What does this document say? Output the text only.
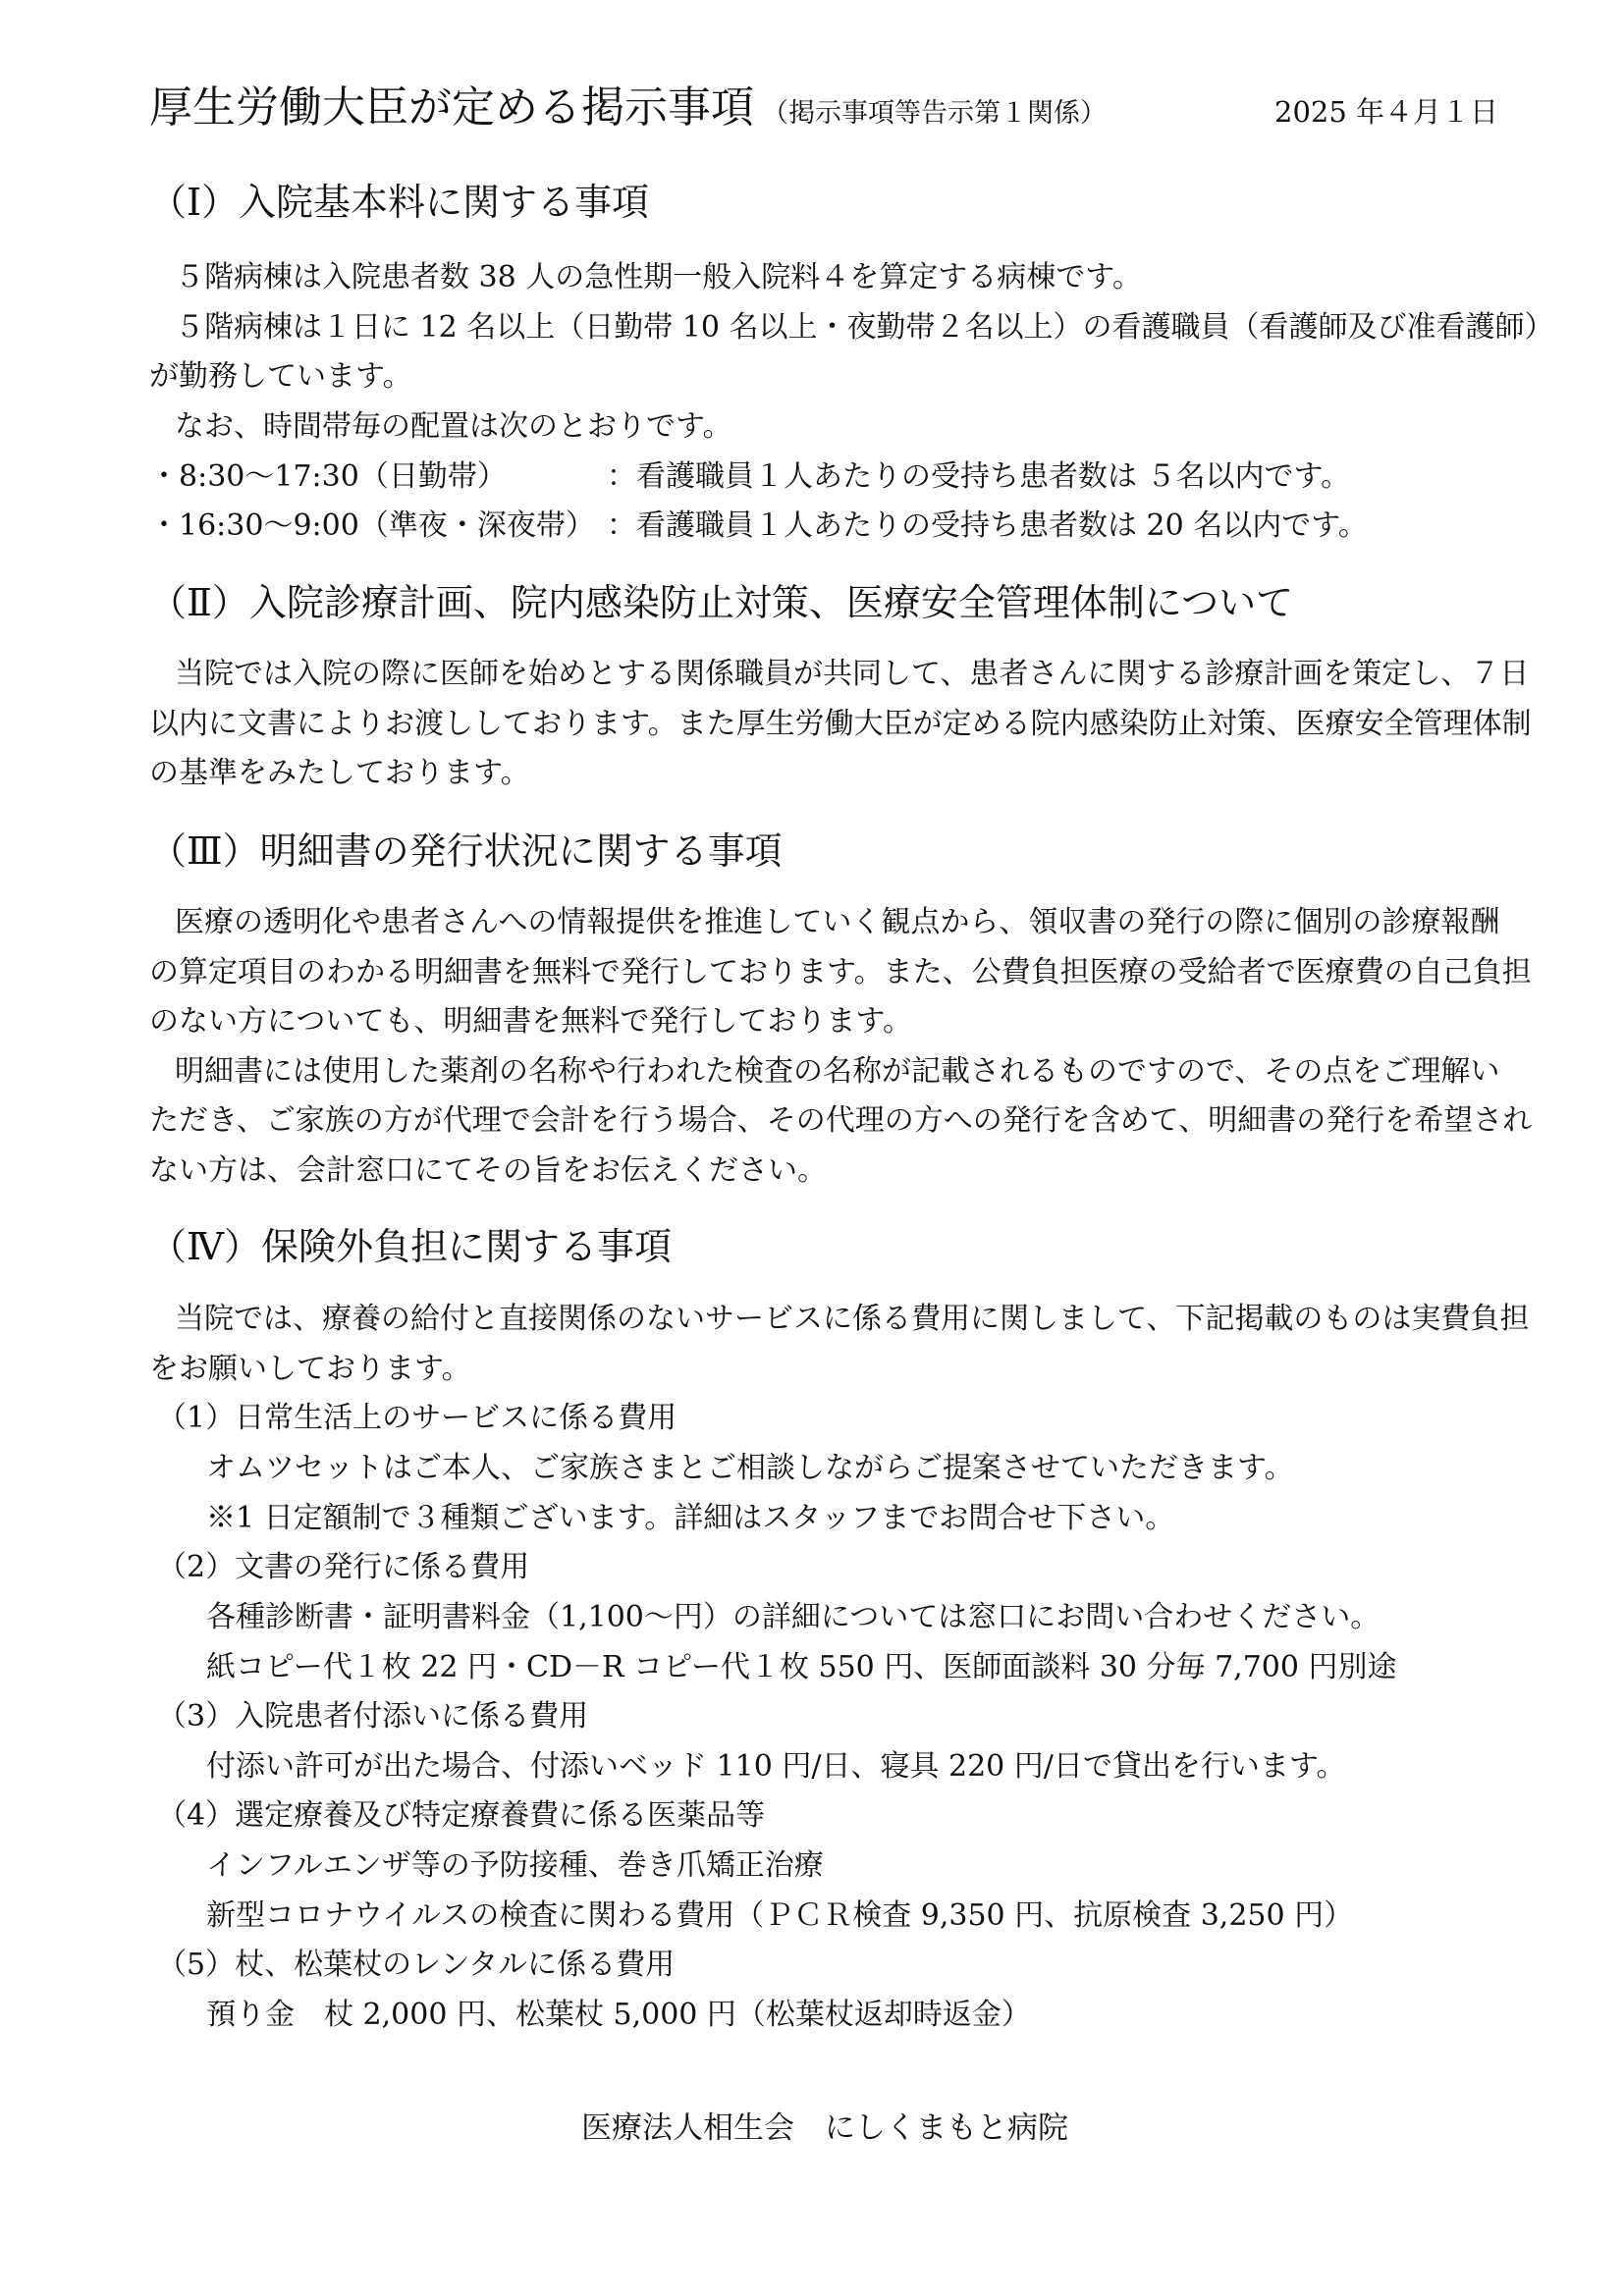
厚生労働大臣が定める掲示事項 （掲示事項等告示第１関係）	2025 年４月１日
（Ⅰ）入院基本料に関する事項
５階病棟は入院患者数 38 人の急性期一般入院料４を算定する病棟です。
５階病棟は１日に 12 名以上（日勤帯 10 名以上・夜勤帯２名以上）の看護職員（看護師及び准看護師）
が勤務しています。
なお、時間帯毎の配置は次のとおりです。
・8:30〜17:30（日勤帯）	：看護職員１人あたりの受持ち患者数は ５名以内です。
・16:30〜9:00（準夜・深夜帯） ：看護職員１人あたりの受持ち患者数は 20 名以内です。
（Ⅱ）入院診療計画、院内感染防止対策、医療安全管理体制について
当院では入院の際に医師を始めとする関係職員が共同して、患者さんに関する診療計画を策定し、７日
以内に文書によりお渡ししております。また厚生労働大臣が定める院内感染防止対策、医療安全管理体制
の基準をみたしております。
（Ⅲ）明細書の発行状況に関する事項
医療の透明化や患者さんへの情報提供を推進していく観点から、領収書の発行の際に個別の診療報酬
の算定項目のわかる明細書を無料で発行しております。また、公費負担医療の受給者で医療費の自己負担
のない方についても、明細書を無料で発行しております。
明細書には使用した薬剤の名称や行われた検査の名称が記載されるものですので、その点をご理解い
ただき、ご家族の方が代理で会計を行う場合、その代理の方への発行を含めて、明細書の発行を希望され
ない方は、会計窓口にてその旨をお伝えください。
（Ⅳ）保険外負担に関する事項
当院では、療養の給付と直接関係のないサービスに係る費用に関しまして、下記掲載のものは実費負担
をお願いしております。
（1）日常生活上のサービスに係る費用
オムツセットはご本人、ご家族さまとご相談しながらご提案させていただきます。
※1 日定額制で３種類ございます。詳細はスタッフまでお問合せ下さい。
（2）文書の発行に係る費用
各種診断書・証明書料金（1,100〜円）の詳細については窓口にお問い合わせください。
紙コピー代１枚 22 円・CD－R コピー代１枚 550 円、医師面談料 30 分毎 7,700 円別途
（3）入院患者付添いに係る費用
付添い許可が出た場合、付添いベッド 110 円/日、寝具 220 円/日で貸出を行います。
（4）選定療養及び特定療養費に係る医薬品等
インフルエンザ等の予防接種、巻き爪矯正治療
新型コロナウイルスの検査に関わる費用（ＰＣＲ検査 9,350 円、抗原検査 3,250 円）
（5）杖、松葉杖のレンタルに係る費用
預り金　杖 2,000 円、松葉杖 5,000 円（松葉杖返却時返金）
医療法人相生会　にしくまもと病院
